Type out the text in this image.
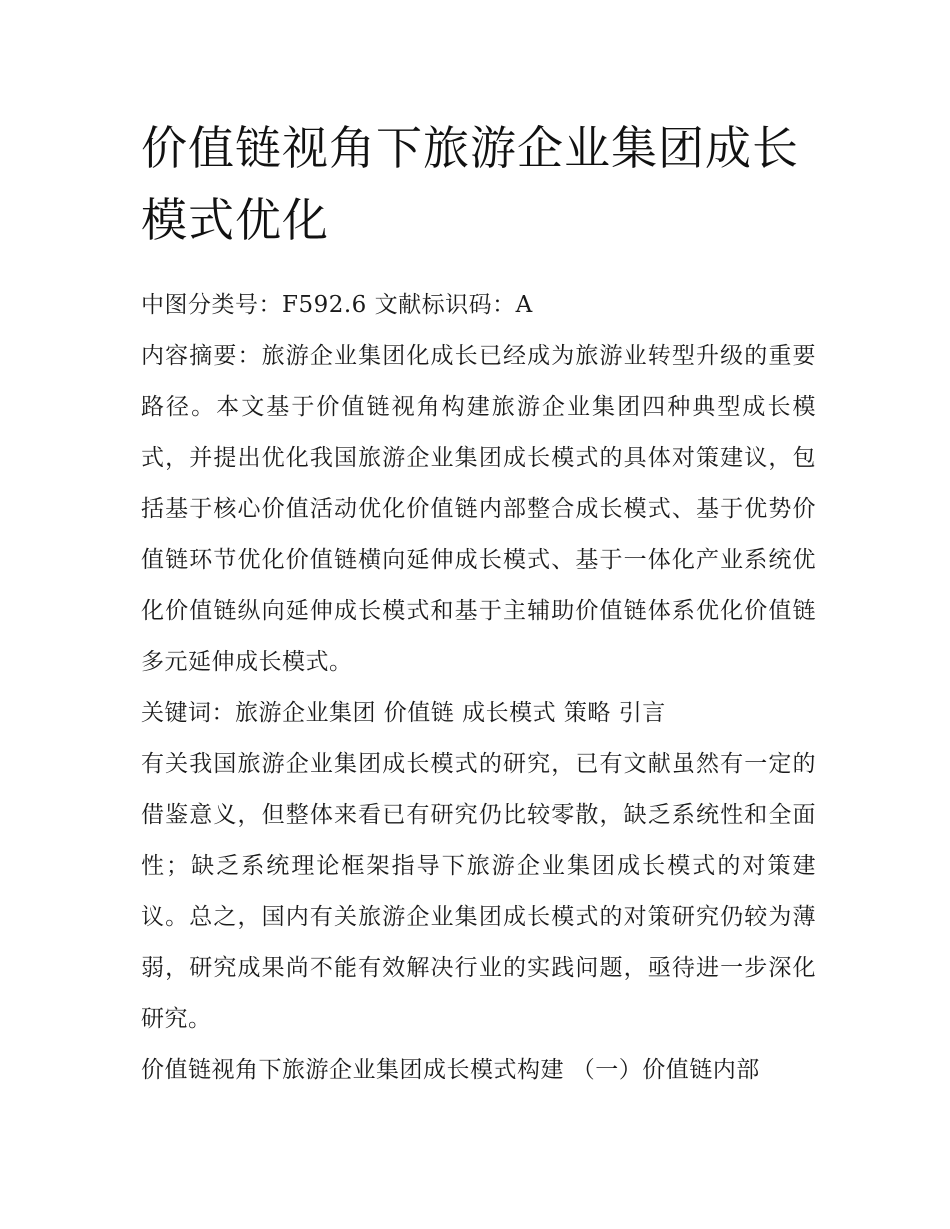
价值链视角下旅游企业集团成长模式优化

中图分类号：F592.6 文献标识码：A

内容摘要：旅游企业集团化成长已经成为旅游业转型升级的重要路径。本文基于价值链视角构建旅游企业集团四种典型成长模式，并提出优化我国旅游企业集团成长模式的具体对策建议，包括基于核心价值活动优化价值链内部整合成长模式、基于优势价值链环节优化价值链横向延伸成长模式、基于一体化产业系统优化价值链纵向延伸成长模式和基于主辅助价值链体系优化价值链多元延伸成长模式。

关键词：旅游企业集团 价值链 成长模式 策略 引言

有关我国旅游企业集团成长模式的研究，已有文献虽然有一定的借鉴意义，但整体来看已有研究仍比较零散，缺乏系统性和全面性；缺乏系统理论框架指导下旅游企业集团成长模式的对策建议。总之，国内有关旅游企业集团成长模式的对策研究仍较为薄弱，研究成果尚不能有效解决行业的实践问题，亟待进一步深化研究。

价值链视角下旅游企业集团成长模式构建 （一）价值链内部
